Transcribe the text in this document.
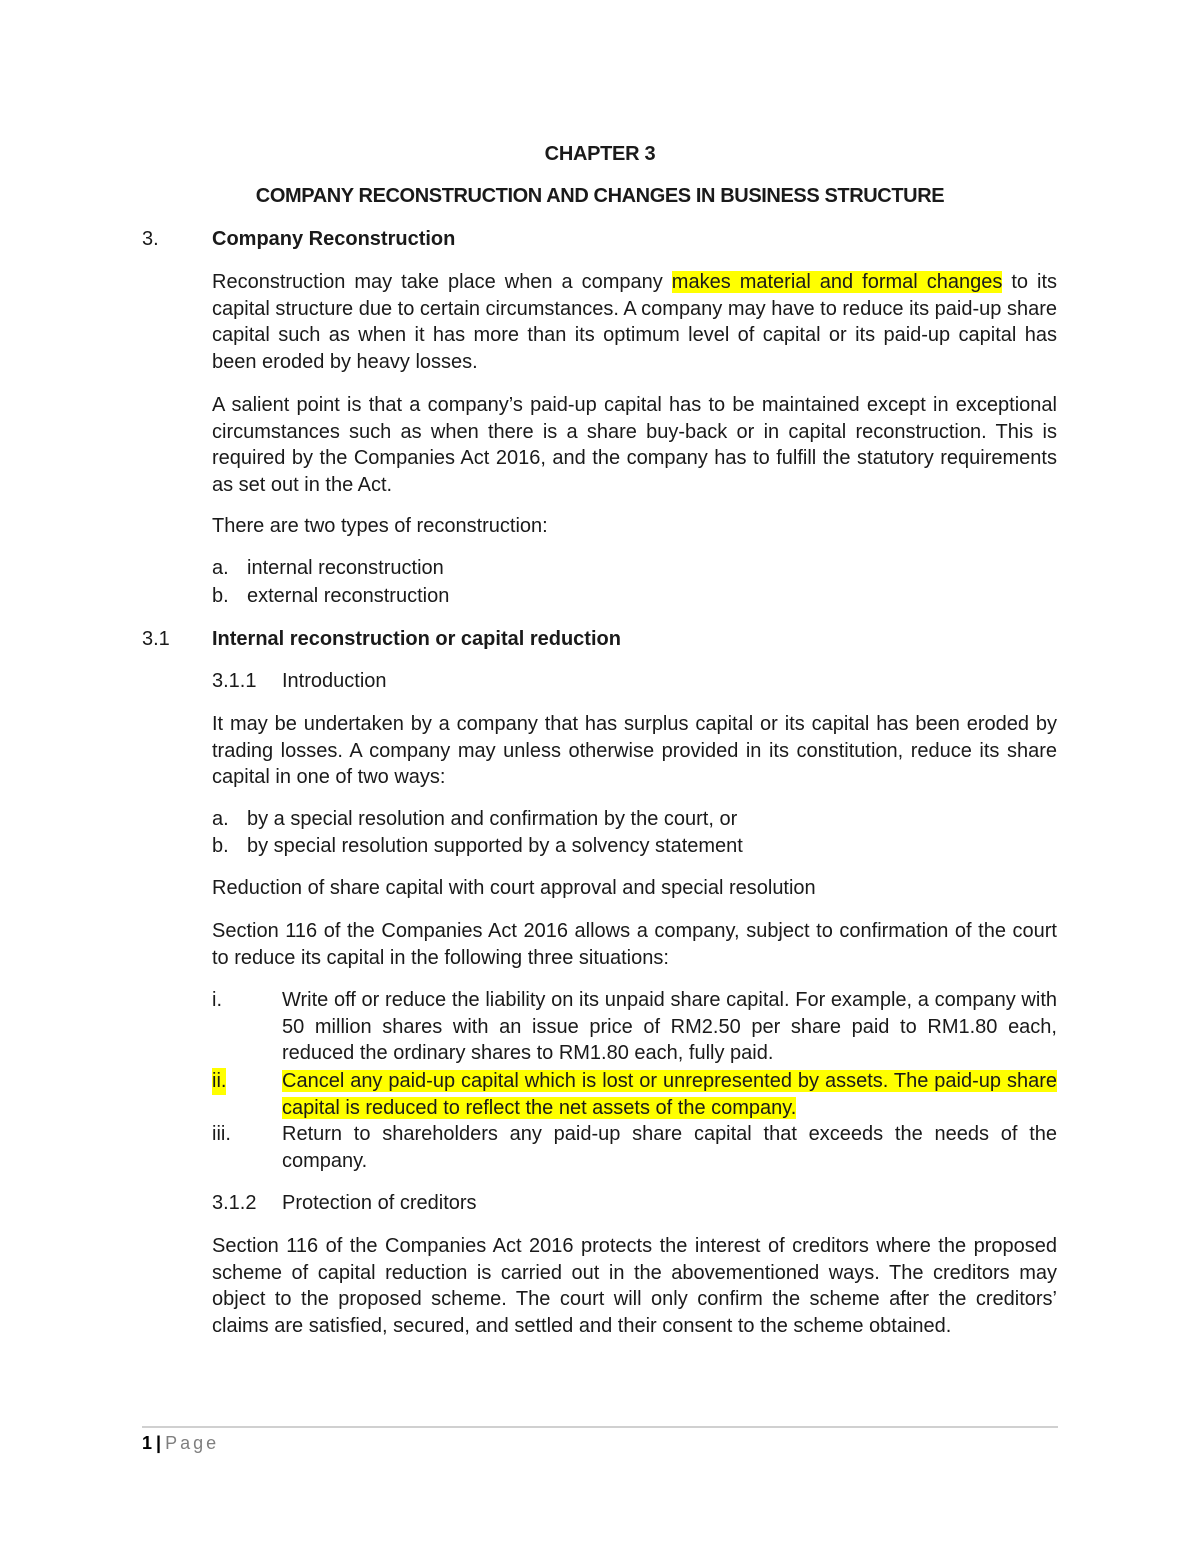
CHAPTER 3
COMPANY RECONSTRUCTION AND CHANGES IN BUSINESS STRUCTURE
3.	Company Reconstruction
Reconstruction may take place when a company makes material and formal changes to its capital structure due to certain circumstances. A company may have to reduce its paid-up share capital such as when it has more than its optimum level of capital or its paid-up capital has been eroded by heavy losses.
A salient point is that a company’s paid-up capital has to be maintained except in exceptional circumstances such as when there is a share buy-back or in capital reconstruction. This is required by the Companies Act 2016, and the company has to fulfill the statutory requirements as set out in the Act.
There are two types of reconstruction:
a. internal reconstruction
b. external reconstruction
3.1 Internal reconstruction or capital reduction
3.1.1 Introduction
It may be undertaken by a company that has surplus capital or its capital has been eroded by trading losses. A company may unless otherwise provided in its constitution, reduce its share capital in one of two ways:
a. by a special resolution and confirmation by the court, or
b. by special resolution supported by a solvency statement
Reduction of share capital with court approval and special resolution
Section 116 of the Companies Act 2016 allows a company, subject to confirmation of the court to reduce its capital in the following three situations:
i.	Write off or reduce the liability on its unpaid share capital. For example, a company with 50 million shares with an issue price of RM2.50 per share paid to RM1.80 each, reduced the ordinary shares to RM1.80 each, fully paid.
ii.	Cancel any paid-up capital which is lost or unrepresented by assets. The paid-up share capital is reduced to reflect the net assets of the company.
iii.	Return to shareholders any paid-up share capital that exceeds the needs of the company.
3.1.2 Protection of creditors
Section 116 of the Companies Act 2016 protects the interest of creditors where the proposed scheme of capital reduction is carried out in the abovementioned ways. The creditors may object to the proposed scheme. The court will only confirm the scheme after the creditors’ claims are satisfied, secured, and settled and their consent to the scheme obtained.
1 | Page
